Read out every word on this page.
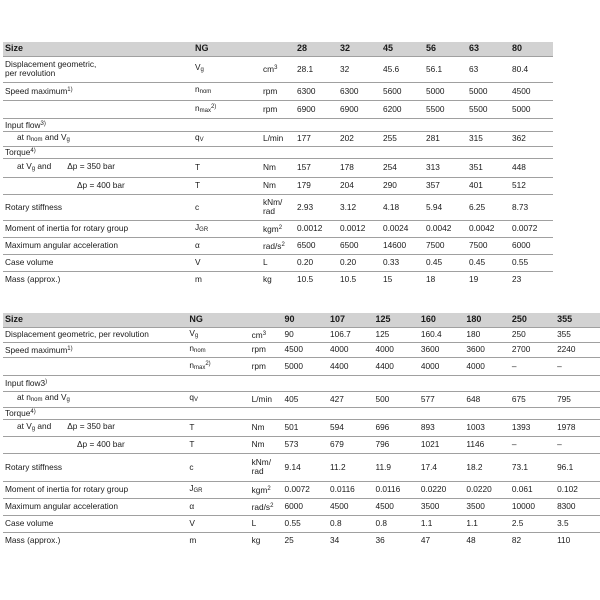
Size	NG		28	32	45	56	63	80
Displacement geometric,
per revolution	Vg	$cm^3$	28.1	32	45.6	56.1	63	80.4
Speed maximum$^{1)}$	nnom	rpm	6300	6300	5600	5000	5000	4500
	nmax$^{2)}$	rpm	6900	6900	6200	5500	5500	5000
Input flow$^{3)}$								
at nnom and Vg	qV	L/min	177	202	255	281	315	362
Torque$^{4)}$								
at Vg and Δp = 350 bar	T	Nm	157	178	254	313	351	448
Δp = 400 bar	T	Nm	179	204	290	357	401	512
Rotary stiffness	c	kNm/
rad	2.93	3.12	4.18	5.94	6.25	8.73
Moment of inertia for rotary group	JGR	kgm$^2$	0.0012	0.0012	0.0024	0.0042	0.0042	0.0072
Maximum angular acceleration	α	rad/$s^2$	6500	6500	14600	7500	7500	6000
Case volume	V	L	0.20	0.20	0.33	0.45	0.45	0.55
Mass (approx.)	m	kg	10.5	10.5	15	18	19	23
Size	NG		90	107	125	160	180	250	355
Displacement geometric, per revolution	Vg	$cm^3$	90	106.7	125	160.4	180	250	355
Speed maximum$^{1)}$	nnom	rpm	4500	4000	4000	3600	3600	2700	2240
	nmax$^{2)}$	rpm	5000	4400	4400	4000	4000	–	–
Input flow3)									
at nnom and Vg	qV	L/min	405	427	500	577	648	675	795
Torque$^{4)}$									
at Vg and Δp = 350 bar	T	Nm	501	594	696	893	1003	1393	1978
Δp = 400 bar	T	Nm	573	679	796	1021	1146	–	–
Rotary stiffness	c	kNm/
rad	9.14	11.2	11.9	17.4	18.2	73.1	96.1
Moment of inertia for rotary group	JGR	kgm$^2$	0.0072	0.0116	0.0116	0.0220	0.0220	0.061	0.102
Maximum angular acceleration	α	rad/$s^2$	6000	4500	4500	3500	3500	10000	8300
Case volume	V	L	0.55	0.8	0.8	1.1	1.1	2.5	3.5
Mass (approx.)	m	kg	25	34	36	47	48	82	110
